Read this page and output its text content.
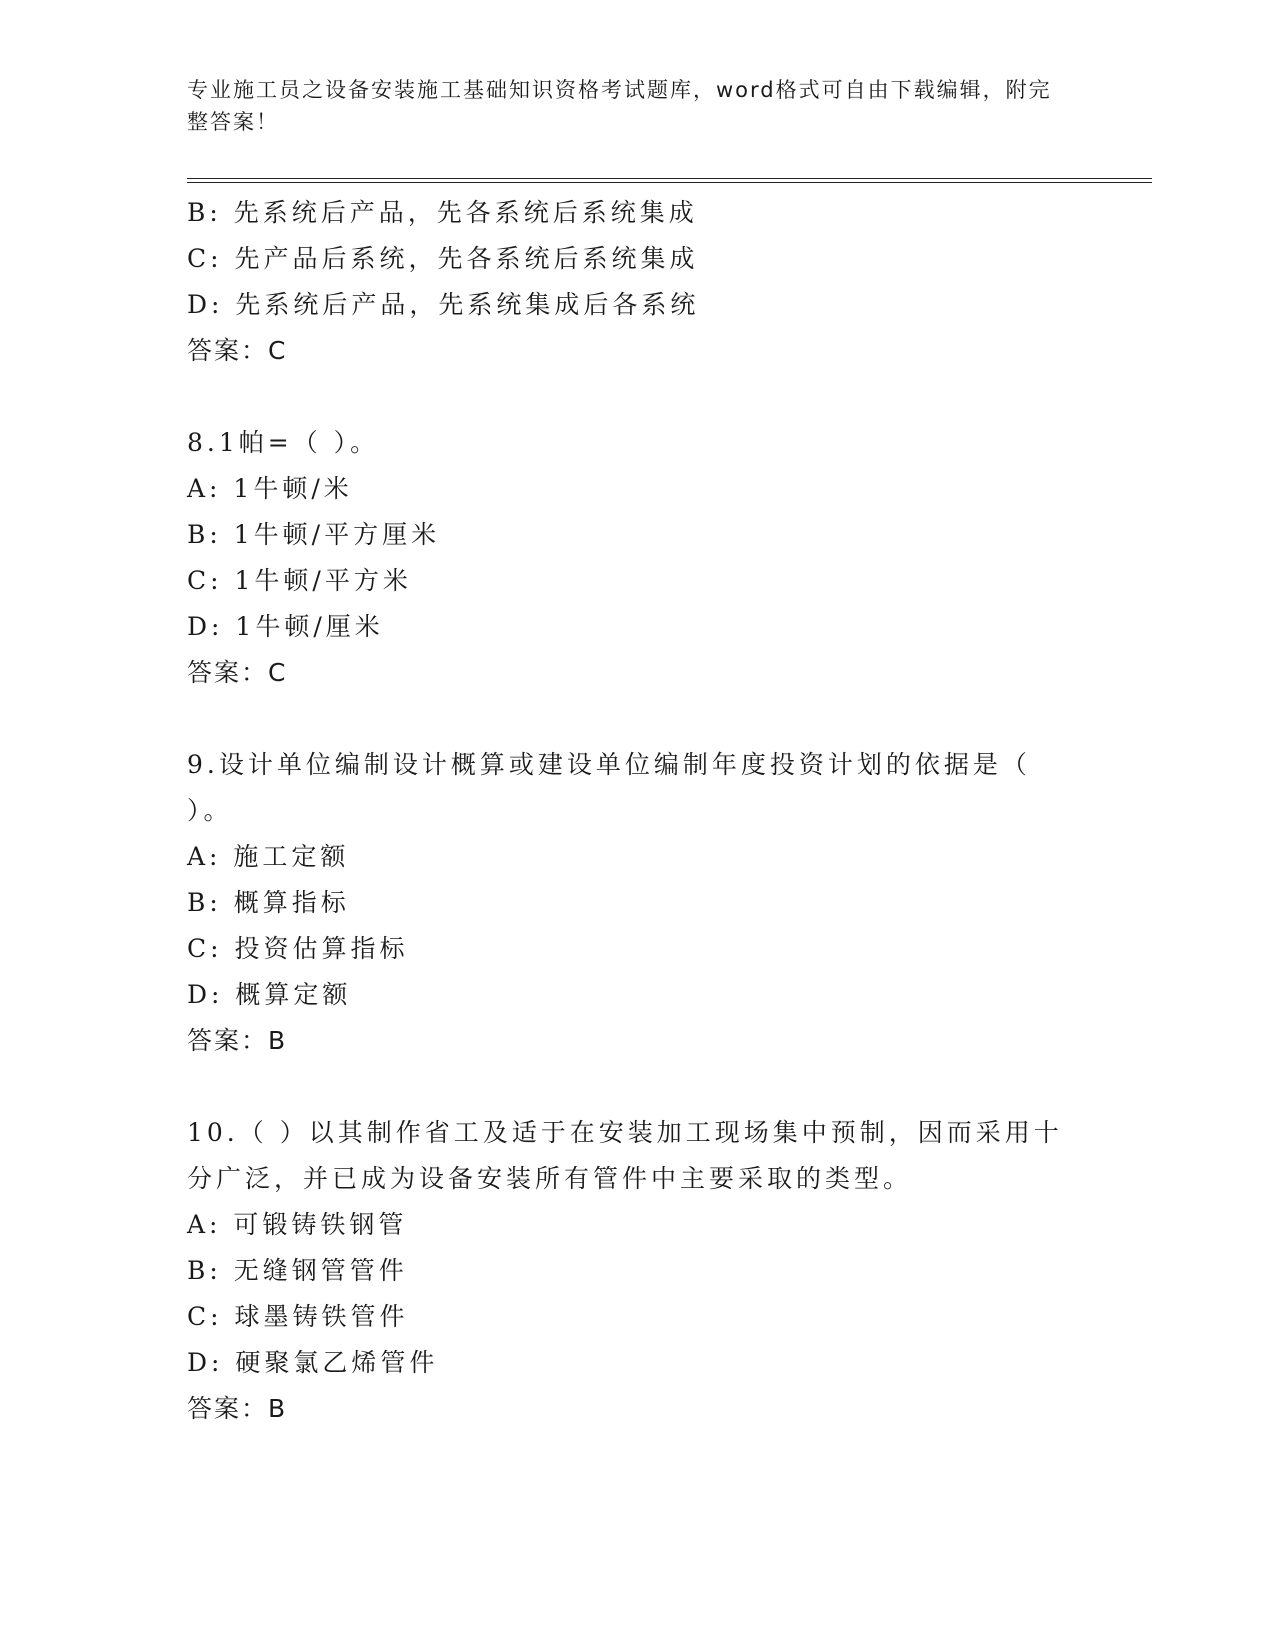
专业施工员之设备安装施工基础知识资格考试题库，word格式可自由下载编辑，附完整答案！
B: 先系统后产品，先各系统后系统集成
C: 先产品后系统，先各系统后系统集成
D: 先系统后产品，先系统集成后各系统
答案：C
8.1帕=（ ）。
A: 1牛顿/米
B: 1牛顿/平方厘米
C: 1牛顿/平方米
D: 1牛顿/厘米
答案：C
9.设计单位编制设计概算或建设单位编制年度投资计划的依据是（ ）。
A: 施工定额
B: 概算指标
C: 投资估算指标
D: 概算定额
答案：B
10.（ ）以其制作省工及适于在安装加工现场集中预制，因而采用十分广泛，并已成为设备安装所有管件中主要采取的类型。
A: 可锻铸铁钢管
B: 无缝钢管管件
C: 球墨铸铁管件
D: 硬聚氯乙烯管件
答案：B
